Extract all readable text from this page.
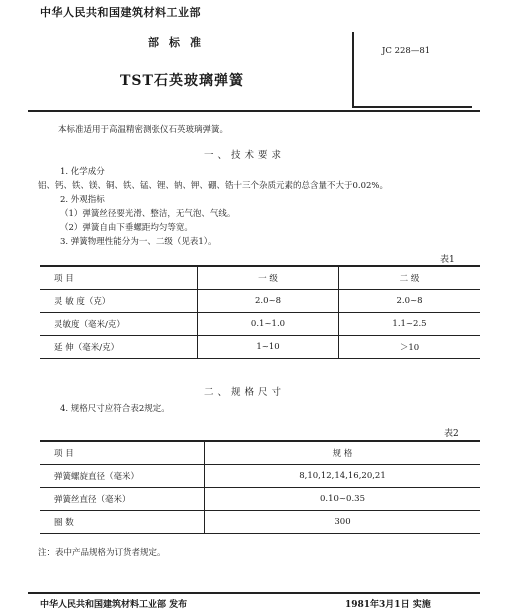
中华人民共和国建筑材料工业部
部标准
TST石英玻璃弹簧
JC 228—81
本标准适用于高温精密测张仪石英玻璃弹簧。
一、技术要求
1. 化学成分
铝、钙、铁、镁、铜、铁、锰、锂、钠、钾、硼、锆十三个杂质元素的总含量不大于0.02%。
2. 外观指标
（1）弹簧丝径要光滑、整洁，无气泡、气线。
（2）弹簧自由下垂螺距均匀等宽。
3. 弹簧物理性能分为一、二级（见表1）。
表1
项 目	一 级	二 级
灵 敏 度（克）	2.0~8	2.0~8
灵敏度（毫米/克）	0.1~1.0	1.1~2.5
延 伸（毫米/克）	1~10	＞10
二、规格尺寸
4. 规格尺寸应符合表2规定。
表2
项 目	规 格
弹簧螺旋直径（毫米）	8,10,12,14,16,20,21
弹簧丝直径（毫米）	0.10~0.35
圈 数	300
注：表中产品规格为订货者规定。
中华人民共和国建筑材料工业部 发布	1981年3月1日 实施
